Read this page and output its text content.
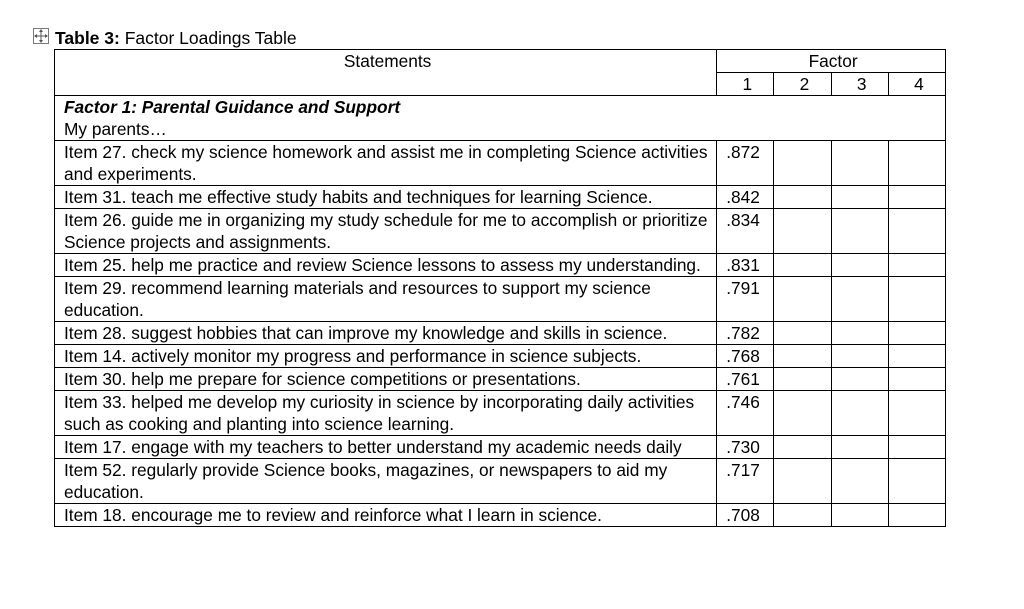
Table 3: Factor Loadings Table
Statements	Factor			
	1	2	3	4

Factor 1: Parental Guidance and Support
My parents…				

Item 27. check my science homework and assist me in completing Science activities and experiments.	.872			
Item 31. teach me effective study habits and techniques for learning Science.	.842			
Item 26. guide me in organizing my study schedule for me to accomplish or prioritize Science projects and assignments.	.834			
Item 25. help me practice and review Science lessons to assess my understanding.	.831			
Item 29. recommend learning materials and resources to support my science education.	.791			
Item 28. suggest hobbies that can improve my knowledge and skills in science.	.782			
Item 14. actively monitor my progress and performance in science subjects.	.768			
Item 30. help me prepare for science competitions or presentations.	.761			
Item 33. helped me develop my curiosity in science by incorporating daily activities such as cooking and planting into science learning.	.746			
Item 17. engage with my teachers to better understand my academic needs daily	.730			
Item 52. regularly provide Science books, magazines, or newspapers to aid my education.	.717			
Item 18. encourage me to review and reinforce what I learn in science.	.708			
